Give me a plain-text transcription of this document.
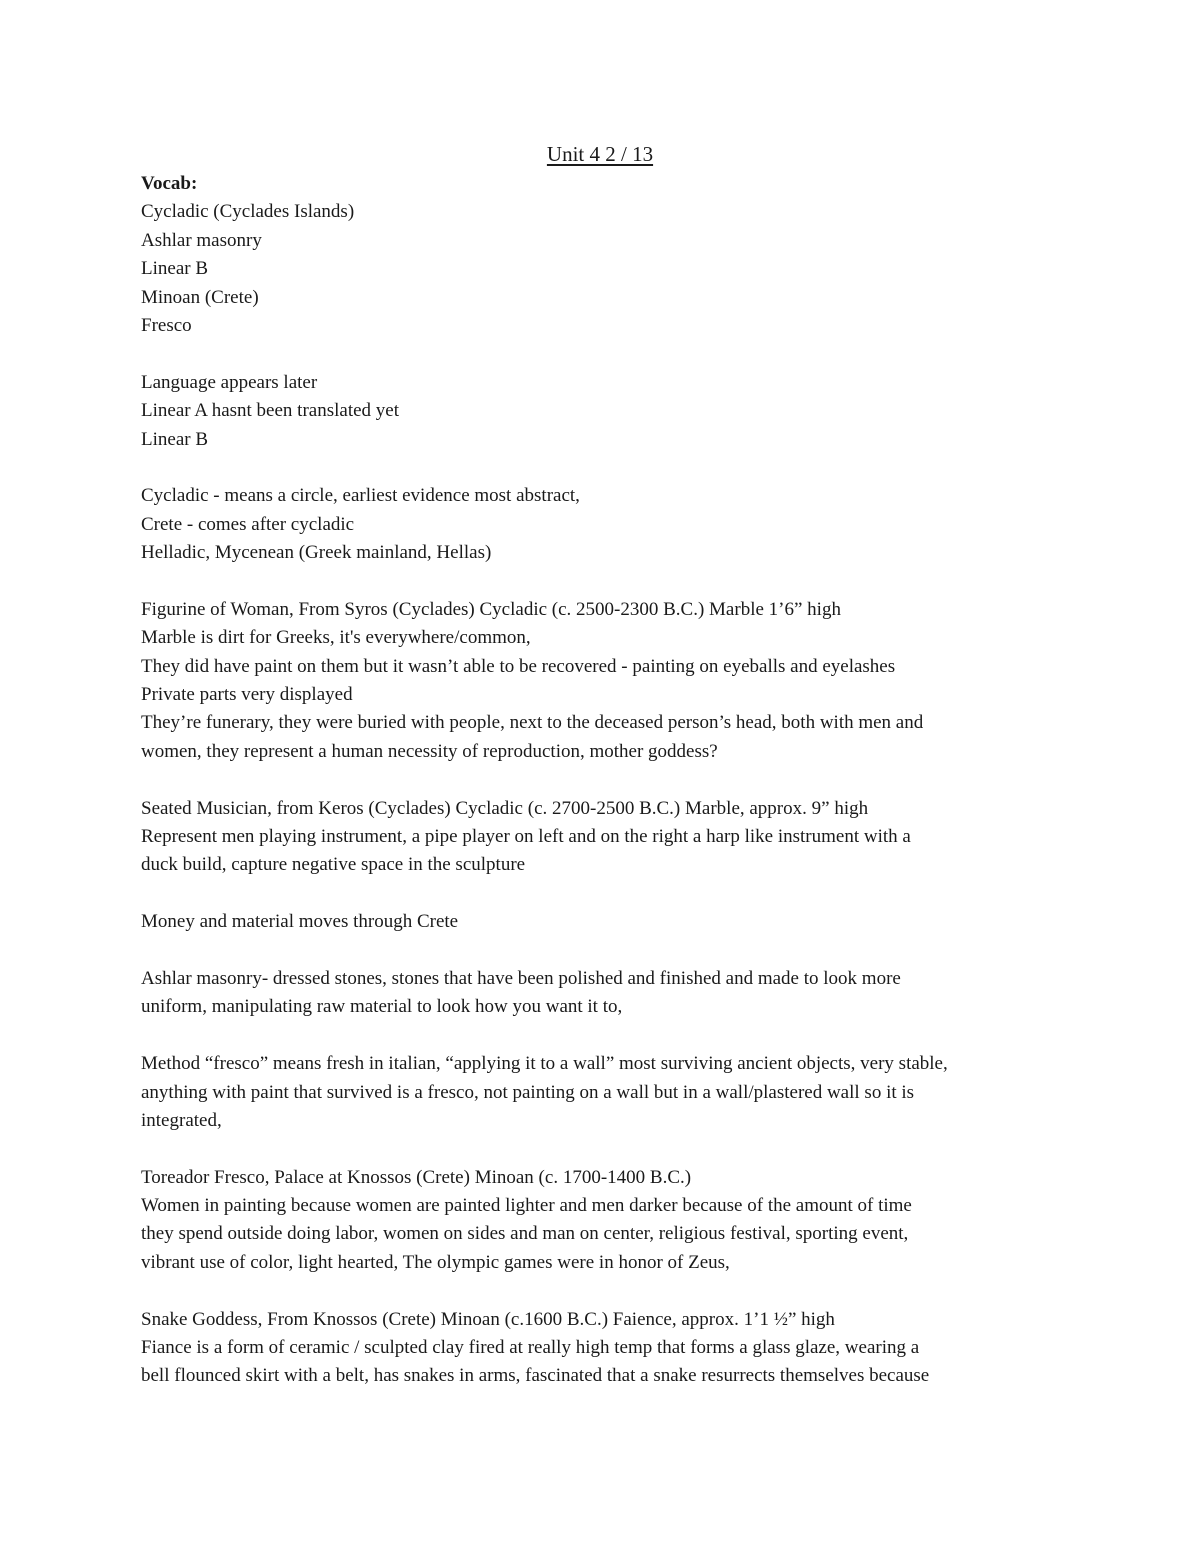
Unit 4 2 / 13
Vocab:
Cycladic (Cyclades Islands)
Ashlar masonry
Linear B
Minoan (Crete)
Fresco
Language appears later
Linear A hasnt been translated yet
Linear B
Cycladic - means a circle, earliest evidence most abstract,
Crete - comes after cycladic
Helladic, Mycenean (Greek mainland, Hellas)
Figurine of Woman, From Syros (Cyclades) Cycladic (c. 2500-2300 B.C.) Marble 1’6” high
Marble is dirt for Greeks, it's everywhere/common,
They did have paint on them but it wasn’t able to be recovered - painting on eyeballs and eyelashes
Private parts very displayed
They’re funerary, they were buried with people, next to the deceased person’s head, both with men and
women, they represent a human necessity of reproduction, mother goddess?
Seated Musician, from Keros (Cyclades) Cycladic (c. 2700-2500 B.C.) Marble, approx. 9” high
Represent men playing instrument, a pipe player on left and on the right a harp like instrument with a
duck build, capture negative space in the sculpture
Money and material moves through Crete
Ashlar masonry- dressed stones, stones that have been polished and finished and made to look more
uniform, manipulating raw material to look how you want it to,
Method “fresco” means fresh in italian, “applying it to a wall” most surviving ancient objects, very stable,
anything with paint that survived is a fresco, not painting on a wall but in a wall/plastered wall so it is
integrated,
Toreador Fresco, Palace at Knossos (Crete) Minoan (c. 1700-1400 B.C.)
Women in painting because women are painted lighter and men darker because of the amount of time
they spend outside doing labor, women on sides and man on center, religious festival, sporting event,
vibrant use of color, light hearted, The olympic games were in honor of Zeus,
Snake Goddess, From Knossos (Crete) Minoan (c.1600 B.C.) Faience, approx. 1’1 ½” high
Fiance is a form of ceramic / sculpted clay fired at really high temp that forms a glass glaze, wearing a
bell flounced skirt with a belt, has snakes in arms, fascinated that a snake resurrects themselves because
